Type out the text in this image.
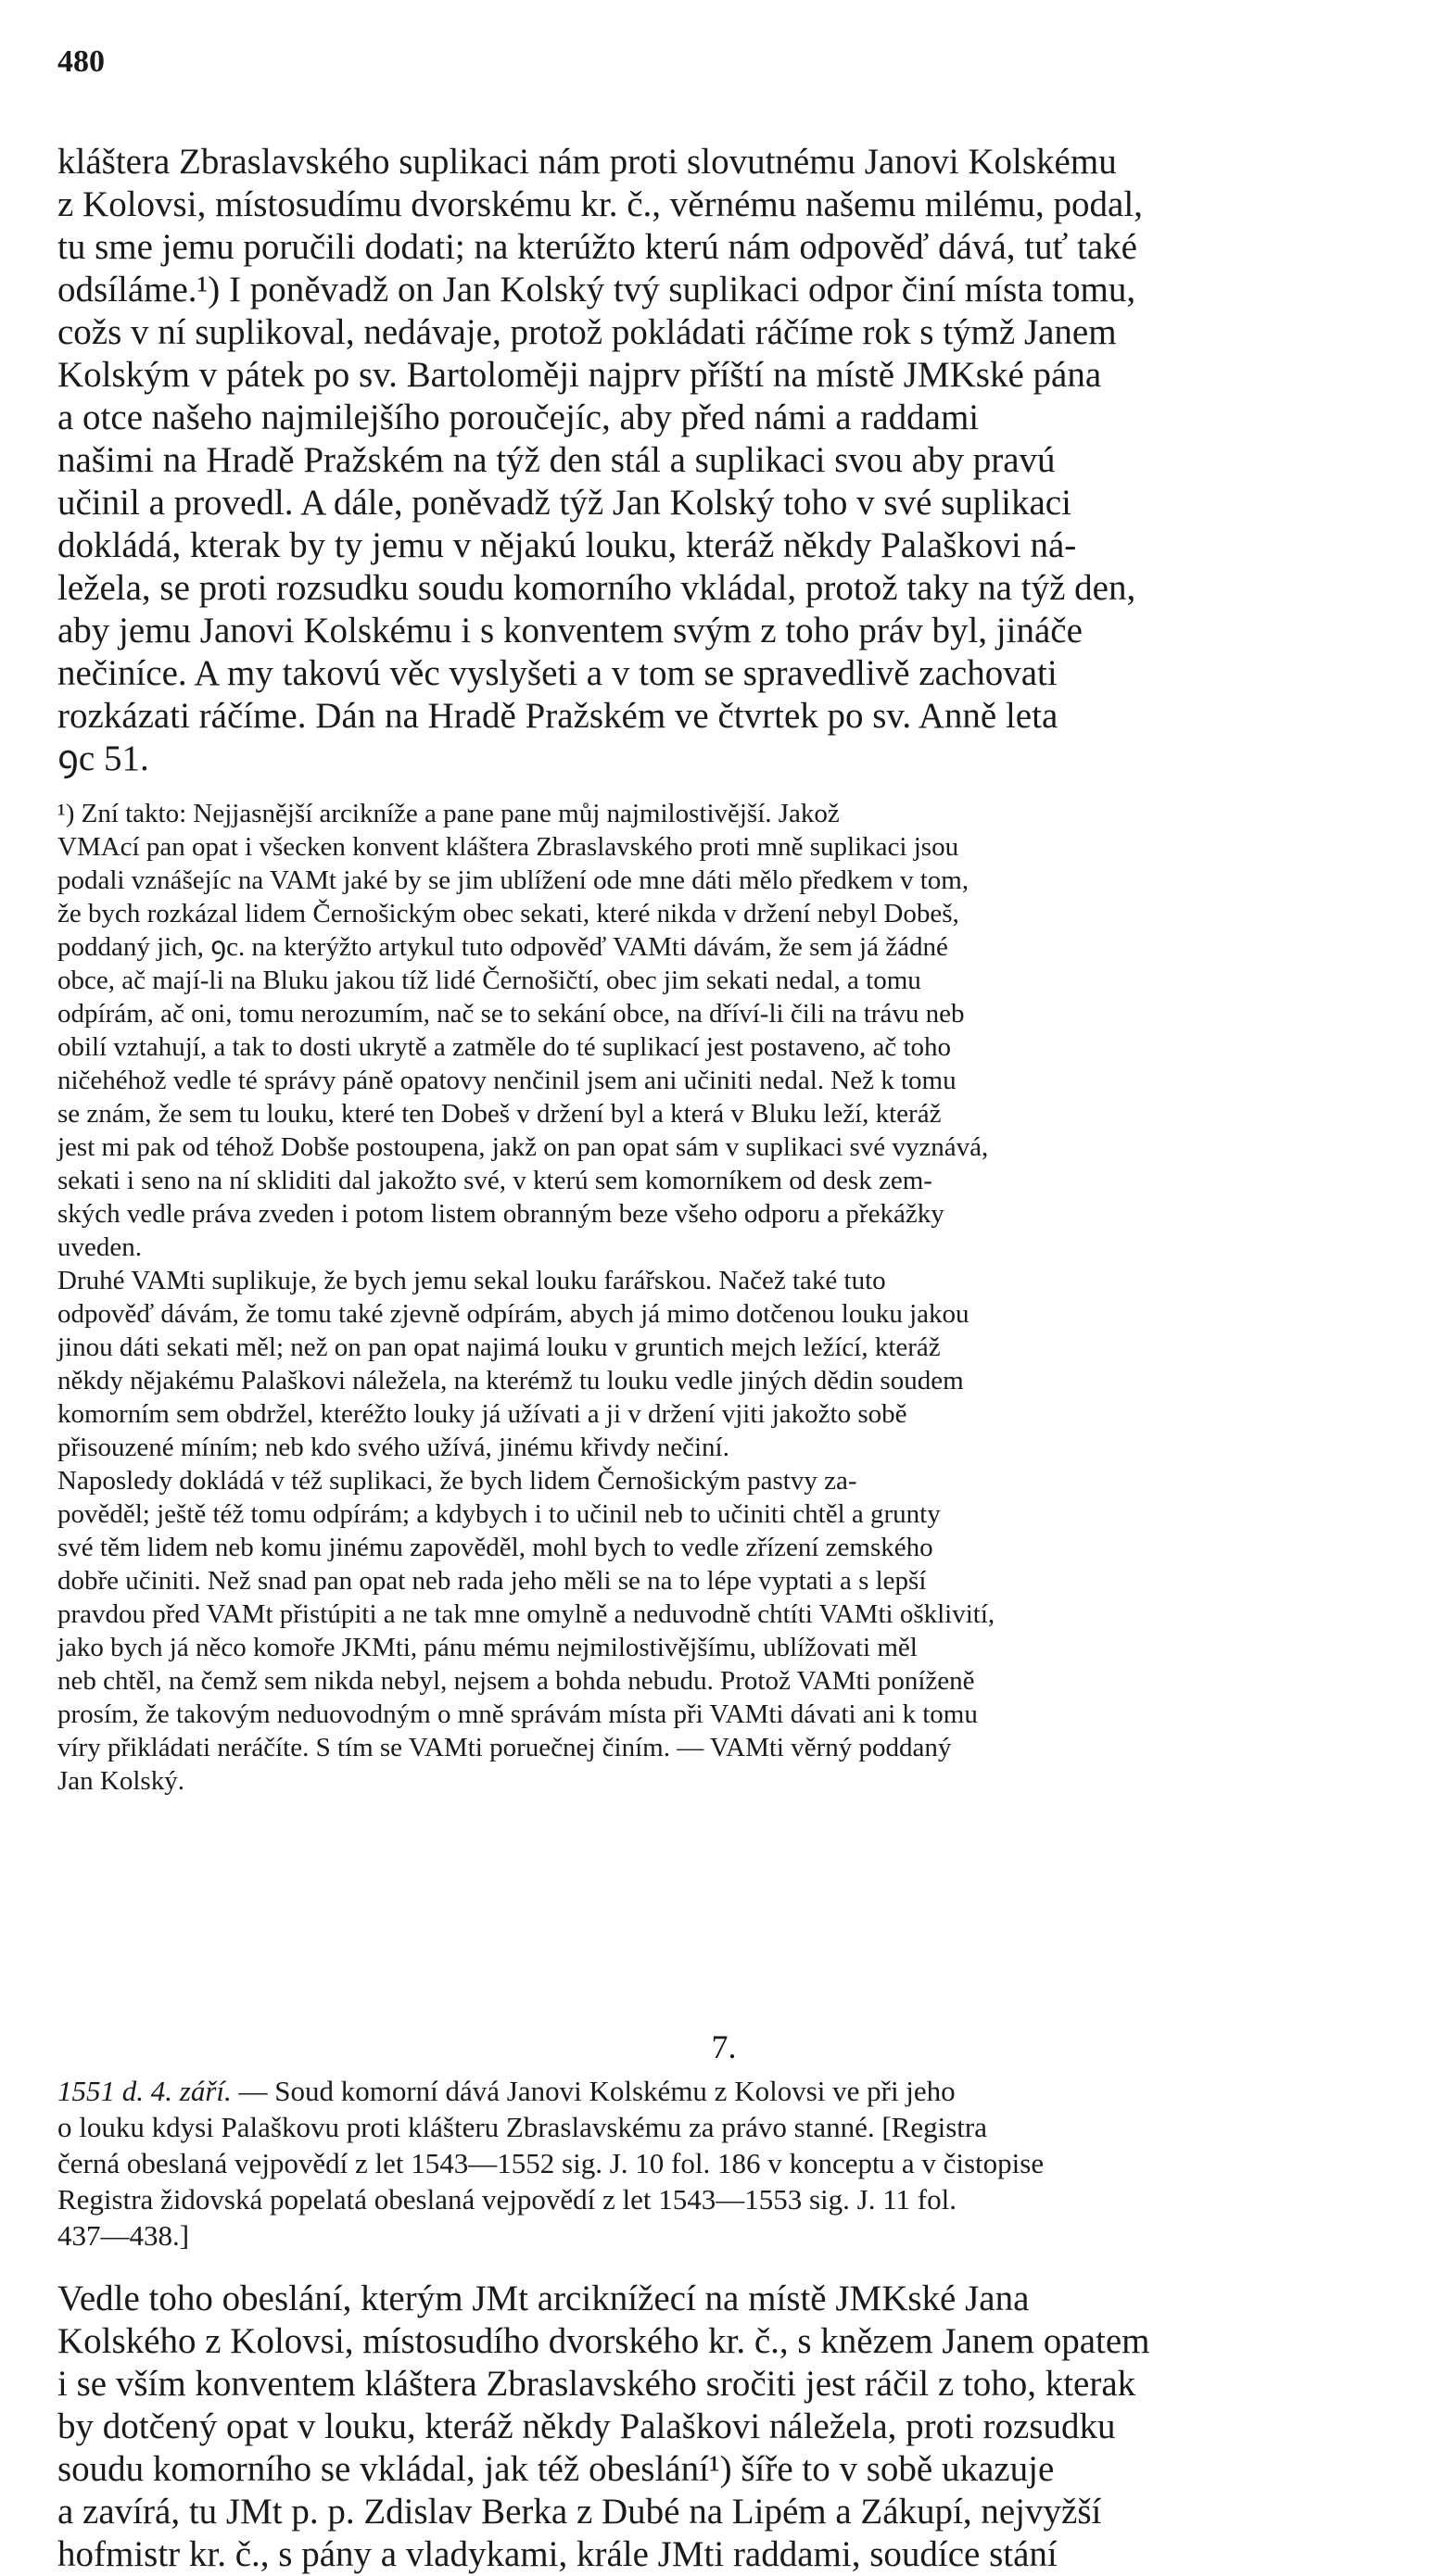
480

kláštera Zbraslavského suplikaci nám proti slovutnému Janovi Kolskému
z Kolovsi, místosudímu dvorskému kr. č., věrnému našemu milému, podal,
tu sme jemu poručili dodati; na kterúžto kterú nám odpověď dává, tuť také
odsíláme.¹) I poněvadž on Jan Kolský tvý suplikaci odpor činí místa tomu,
cožs v ní suplikoval, nedávaje, protož pokládati ráčíme rok s týmž Janem
Kolským v pátek po sv. Bartoloměji najprv příští na místě JMKské pána
a otce našeho najmilejšího poroučejíc, aby před námi a raddami
našimi na Hradě Pražském na týž den stál a suplikaci svou aby pravú
učinil a provedl. A dále, poněvadž týž Jan Kolský toho v své suplikaci
dokládá, kterak by ty jemu v nějakú louku, kteráž někdy Palaškovi ná-
ležela, se proti rozsudku soudu komorního vkládal, protož taky na týž den,
aby jemu Janovi Kolskému i s konventem svým z toho práv byl, jináče
nečiníce. A my takovú věc vyslyšeti a v tom se spravedlivě zachovati
rozkázati ráčíme. Dán na Hradě Pražském ve čtvrtek po sv. Anně leta
ꝯc 51.

¹) Zní takto: Nejjasnější arcikníže a pane pane můj najmilostivější. Jakož
VMAcí pan opat i všecken konvent kláštera Zbraslavského proti mně suplikaci jsou
podali vznášejíc na VAMt jaké by se jim ublížení ode mne dáti mělo předkem v tom,
že bych rozkázal lidem Černošickým obec sekati, které nikda v držení nebyl Dobeš,
poddaný jich, ꝯc. na kterýžto artykul tuto odpověď VAMti dávám, že sem já žádné
obce, ač mají-li na Bluku jakou tíž lidé Černošičtí, obec jim sekati nedal, a tomu
odpírám, ač oni, tomu nerozumím, nač se to sekání obce, na dříví-li čili na trávu neb
obilí vztahují, a tak to dosti ukrytě a zatměle do té suplikací jest postaveno, ač toho
ničehéhož vedle té správy páně opatovy nenčinil jsem ani učiniti nedal. Než k tomu
se znám, že sem tu louku, které ten Dobeš v držení byl a která v Bluku leží, kteráž
jest mi pak od téhož Dobše postoupena, jakž on pan opat sám v suplikaci své vyznává,
sekati i seno na ní skliditi dal jakožto své, v kterú sem komorníkem od desk zem-
ských vedle práva zveden i potom listem obranným beze všeho odporu a překážky
uveden.

Druhé VAMti suplikuje, že bych jemu sekal louku farářskou. Načež také tuto
odpověď dávám, že tomu také zjevně odpírám, abych já mimo dotčenou louku jakou
jinou dáti sekati měl; než on pan opat najimá louku v gruntich mejch ležící, kteráž
někdy nějakému Palaškovi náležela, na kterémž tu louku vedle jiných dědin soudem
komorním sem obdržel, kteréžto louky já užívati a ji v držení vjiti jakožto sobě
přisouzené míním; neb kdo svého užívá, jinému křivdy nečiní.

Naposledy dokládá v též suplikaci, že bych lidem Černošickým pastvy za-
pověděl; ještě též tomu odpírám; a kdybych i to učinil neb to učiniti chtěl a grunty
své těm lidem neb komu jinému zapověděl, mohl bych to vedle zřízení zemského
dobře učiniti. Než snad pan opat neb rada jeho měli se na to lépe vyptati a s lepší
pravdou před VAMt přistúpiti a ne tak mne omylně a neduvodně chtíti VAMti ošklivití,
jako bych já něco komoře JKMti, pánu mému nejmilostivějšímu, ublížovati měl
neb chtěl, na čemž sem nikda nebyl, nejsem a bohda nebudu. Protož VAMti poníženě
prosím, že takovým neduovodným o mně správám místa při VAMti dávati ani k tomu
víry přikládati neráčíte. S tím se VAMti poruečnej činím. — VAMti věrný poddaný
Jan Kolský.

7.

1551 d. 4. září. — Soud komorní dává Janovi Kolskému z Kolovsi ve při jeho
o louku kdysi Palaškovu proti klášteru Zbraslavskému za právo stanné. [Registra
černá obeslaná vejpovědí z let 1543—1552 sig. J. 10 fol. 186 v konceptu a v čistopise
Registra židovská popelatá obeslaná vejpovědí z let 1543—1553 sig. J. 11 fol.
437—438.]

Vedle toho obeslání, kterým JMt arciknížecí na místě JMKské Jana
Kolského z Kolovsi, místosudího dvorského kr. č., s knězem Janem opatem
i se vším konventem kláštera Zbraslavského sročiti jest ráčil z toho, kterak
by dotčený opat v louku, kteráž někdy Palaškovi náležela, proti rozsudku
soudu komorního se vkládal, jak též obeslání¹) šíře to v sobě ukazuje
a zavírá, tu JMt p. p. Zdislav Berka z Dubé na Lipém a Zákupí, nejvyžší
hofmistr kr. č., s pány a vladykami, krále JMti raddami, soudíce stání
